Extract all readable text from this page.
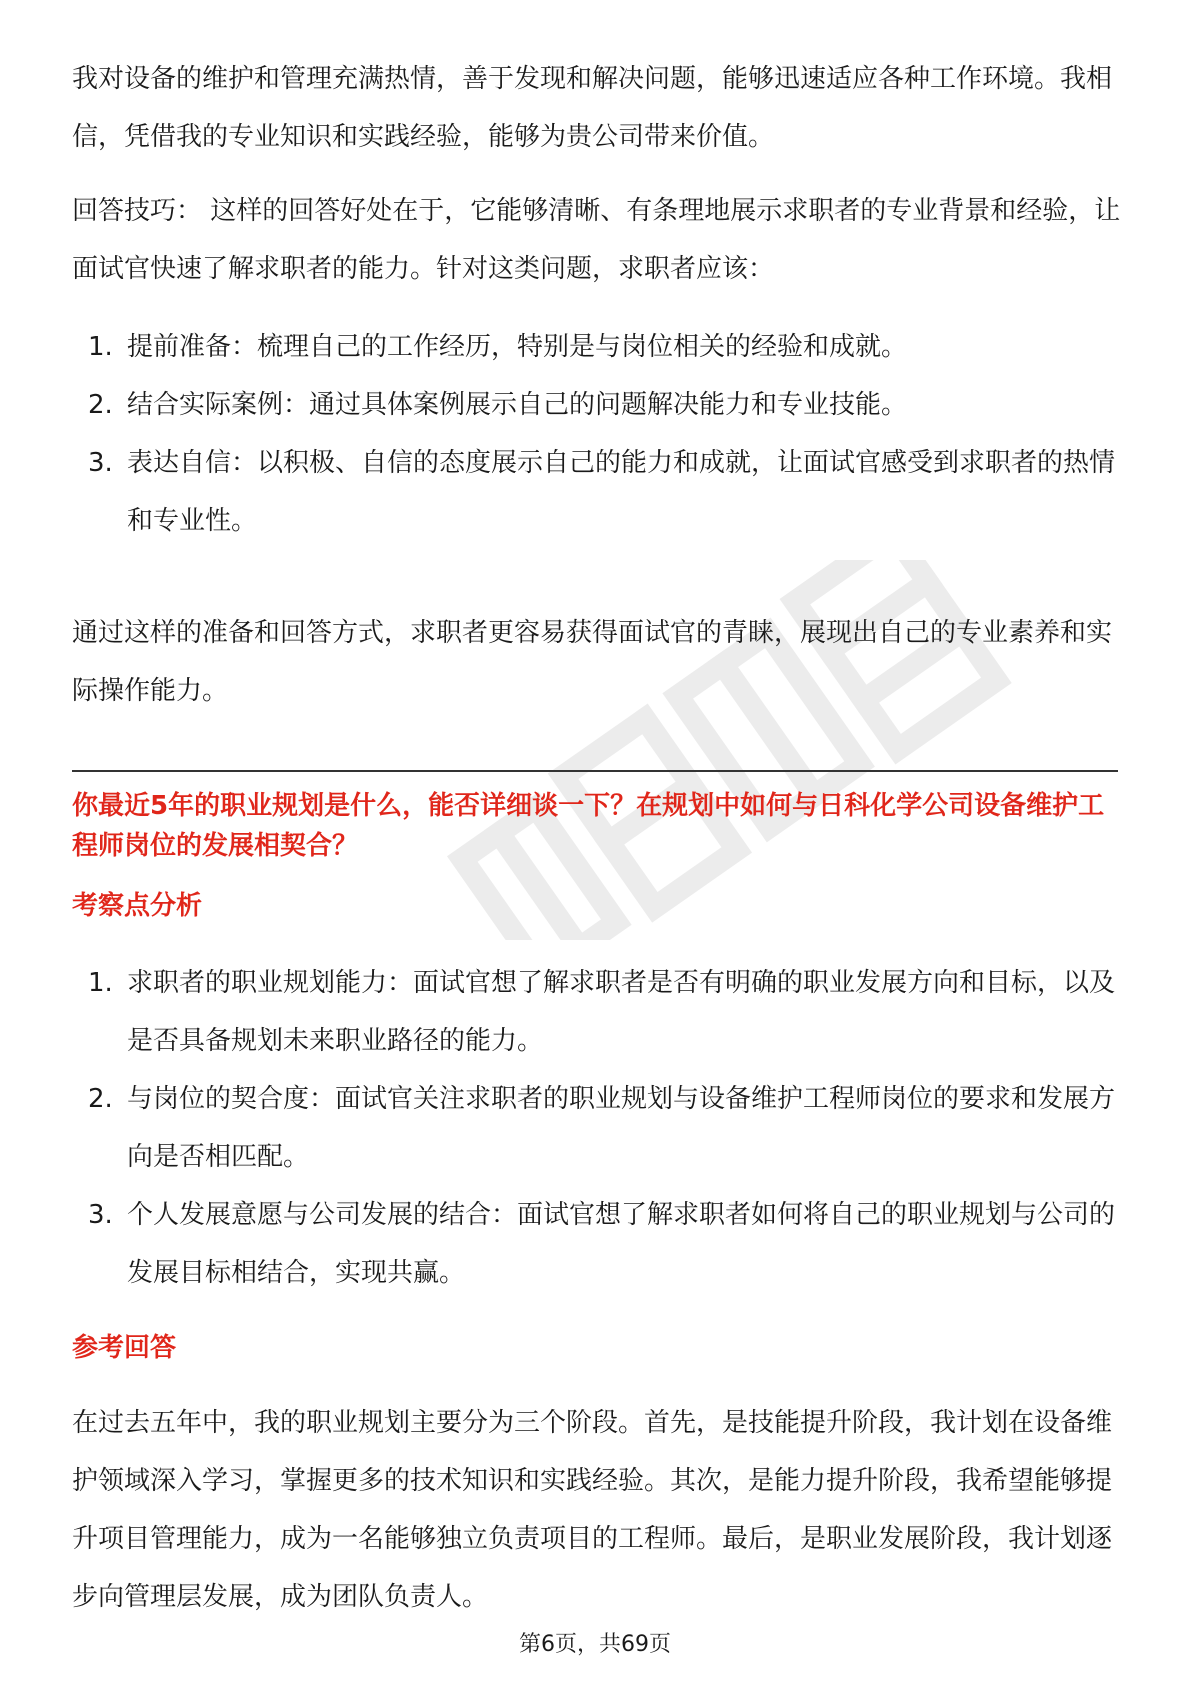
我对设备的维护和管理充满热情，善于发现和解决问题，能够迅速适应各种工作环境。我相信，凭借我的专业知识和实践经验，能够为贵公司带来价值。

回答技巧： 这样的回答好处在于，它能够清晰、有条理地展示求职者的专业背景和经验，让面试官快速了解求职者的能力。针对这类问题，求职者应该：

1. 提前准备：梳理自己的工作经历，特别是与岗位相关的经验和成就。
2. 结合实际案例：通过具体案例展示自己的问题解决能力和专业技能。
3. 表达自信：以积极、自信的态度展示自己的能力和成就，让面试官感受到求职者的热情和专业性。

通过这样的准备和回答方式，求职者更容易获得面试官的青睐，展现出自己的专业素养和实际操作能力。

你最近5年的职业规划是什么，能否详细谈一下？在规划中如何与日科化学公司设备维护工程师岗位的发展相契合？

考察点分析

1. 求职者的职业规划能力：面试官想了解求职者是否有明确的职业发展方向和目标，以及是否具备规划未来职业路径的能力。
2. 与岗位的契合度：面试官关注求职者的职业规划与设备维护工程师岗位的要求和发展方向是否相匹配。
3. 个人发展意愿与公司发展的结合：面试官想了解求职者如何将自己的职业规划与公司的发展目标相结合，实现共赢。

参考回答

在过去五年中，我的职业规划主要分为三个阶段。首先，是技能提升阶段，我计划在设备维护领域深入学习，掌握更多的技术知识和实践经验。其次，是能力提升阶段，我希望能够提升项目管理能力，成为一名能够独立负责项目的工程师。最后，是职业发展阶段，我计划逐步向管理层发展，成为团队负责人。

第6页，共69页
